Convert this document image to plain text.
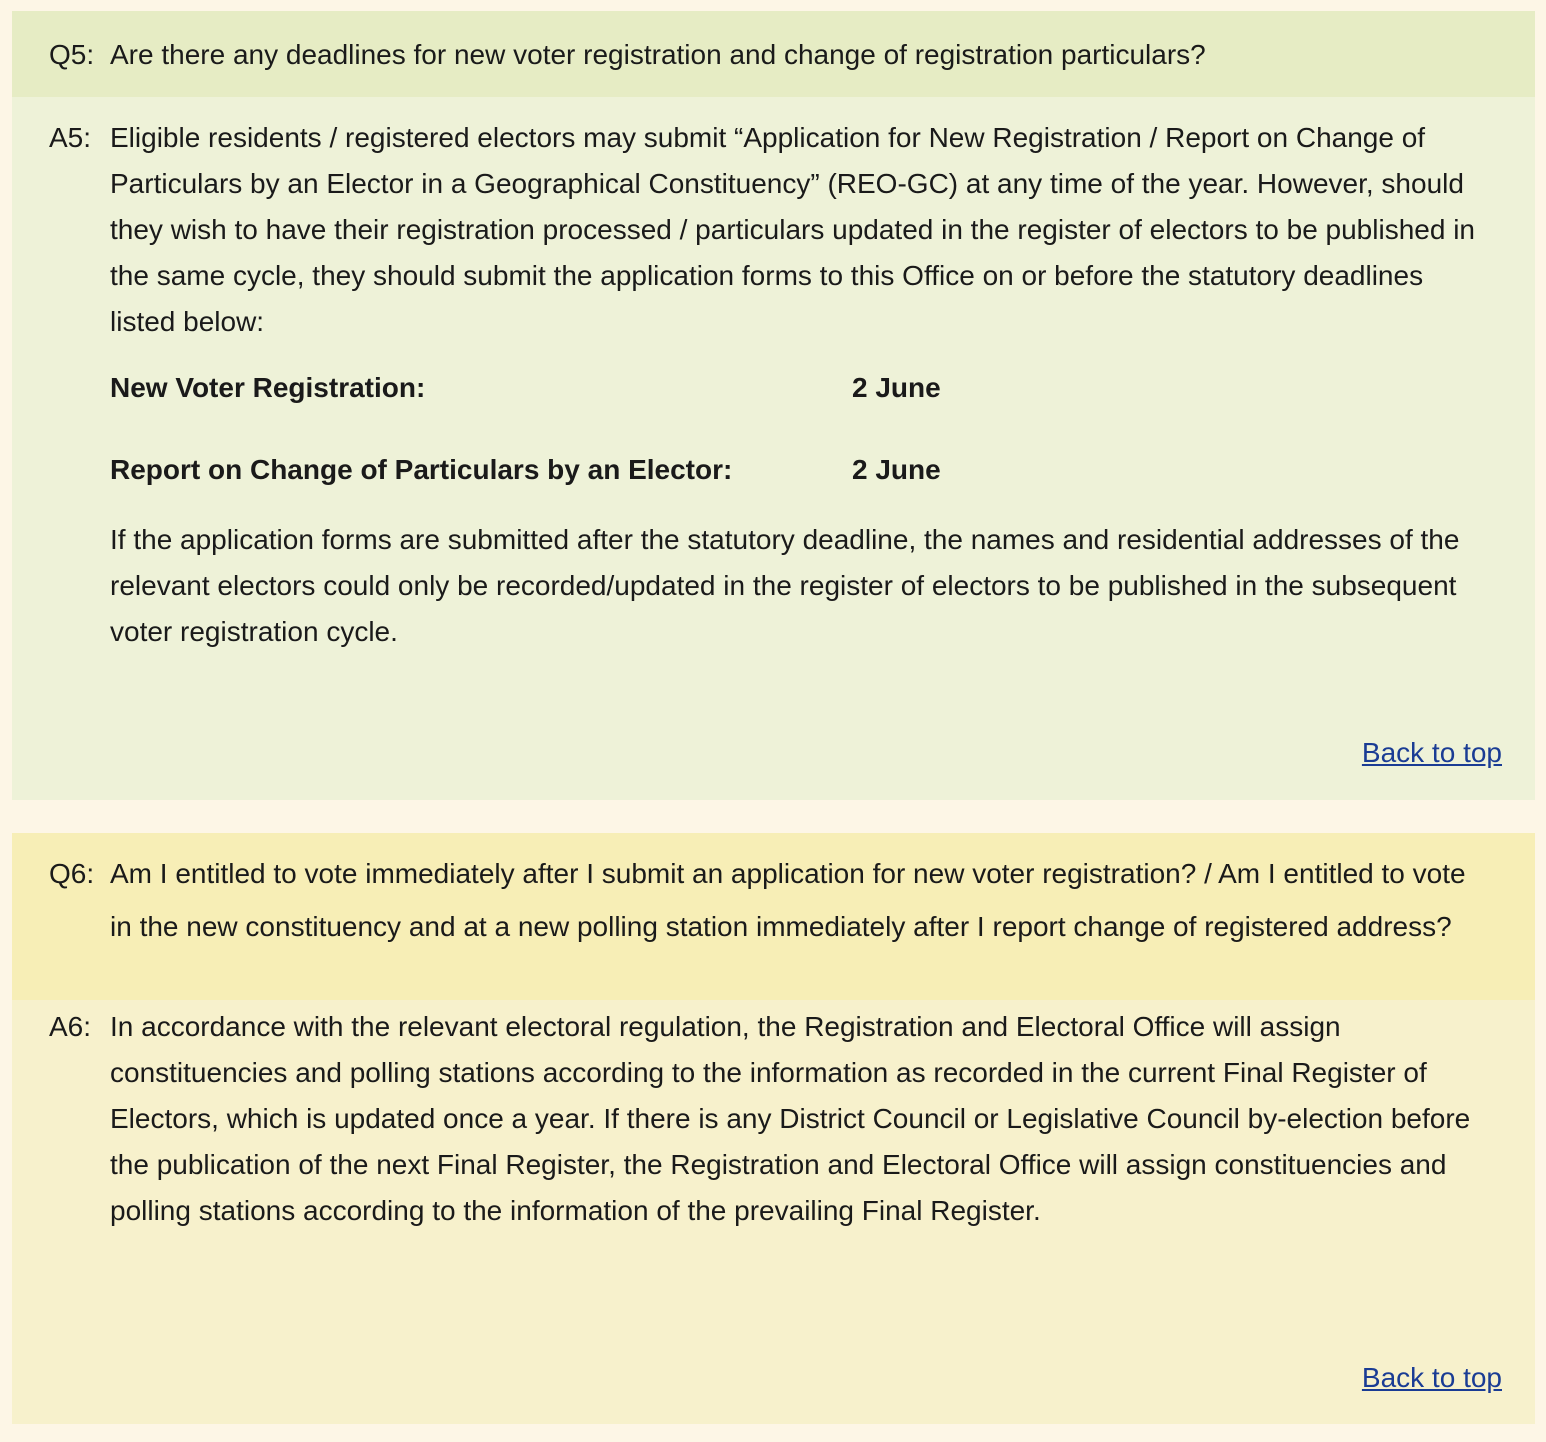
Q5: Are there any deadlines for new voter registration and change of registration particulars?
A5: Eligible residents / registered electors may submit “Application for New Registration / Report on Change of Particulars by an Elector in a Geographical Constituency” (REO-GC) at any time of the year. However, should they wish to have their registration processed / particulars updated in the register of electors to be published in the same cycle, they should submit the application forms to this Office on or before the statutory deadlines listed below:
New Voter Registration:	2 June
Report on Change of Particulars by an Elector:	2 June
If the application forms are submitted after the statutory deadline, the names and residential addresses of the relevant electors could only be recorded/updated in the register of electors to be published in the subsequent voter registration cycle.
Back to top
Q6: Am I entitled to vote immediately after I submit an application for new voter registration? / Am I entitled to vote in the new constituency and at a new polling station immediately after I report change of registered address?
A6: In accordance with the relevant electoral regulation, the Registration and Electoral Office will assign constituencies and polling stations according to the information as recorded in the current Final Register of Electors, which is updated once a year. If there is any District Council or Legislative Council by-election before the publication of the next Final Register, the Registration and Electoral Office will assign constituencies and polling stations according to the information of the prevailing Final Register.
Back to top
